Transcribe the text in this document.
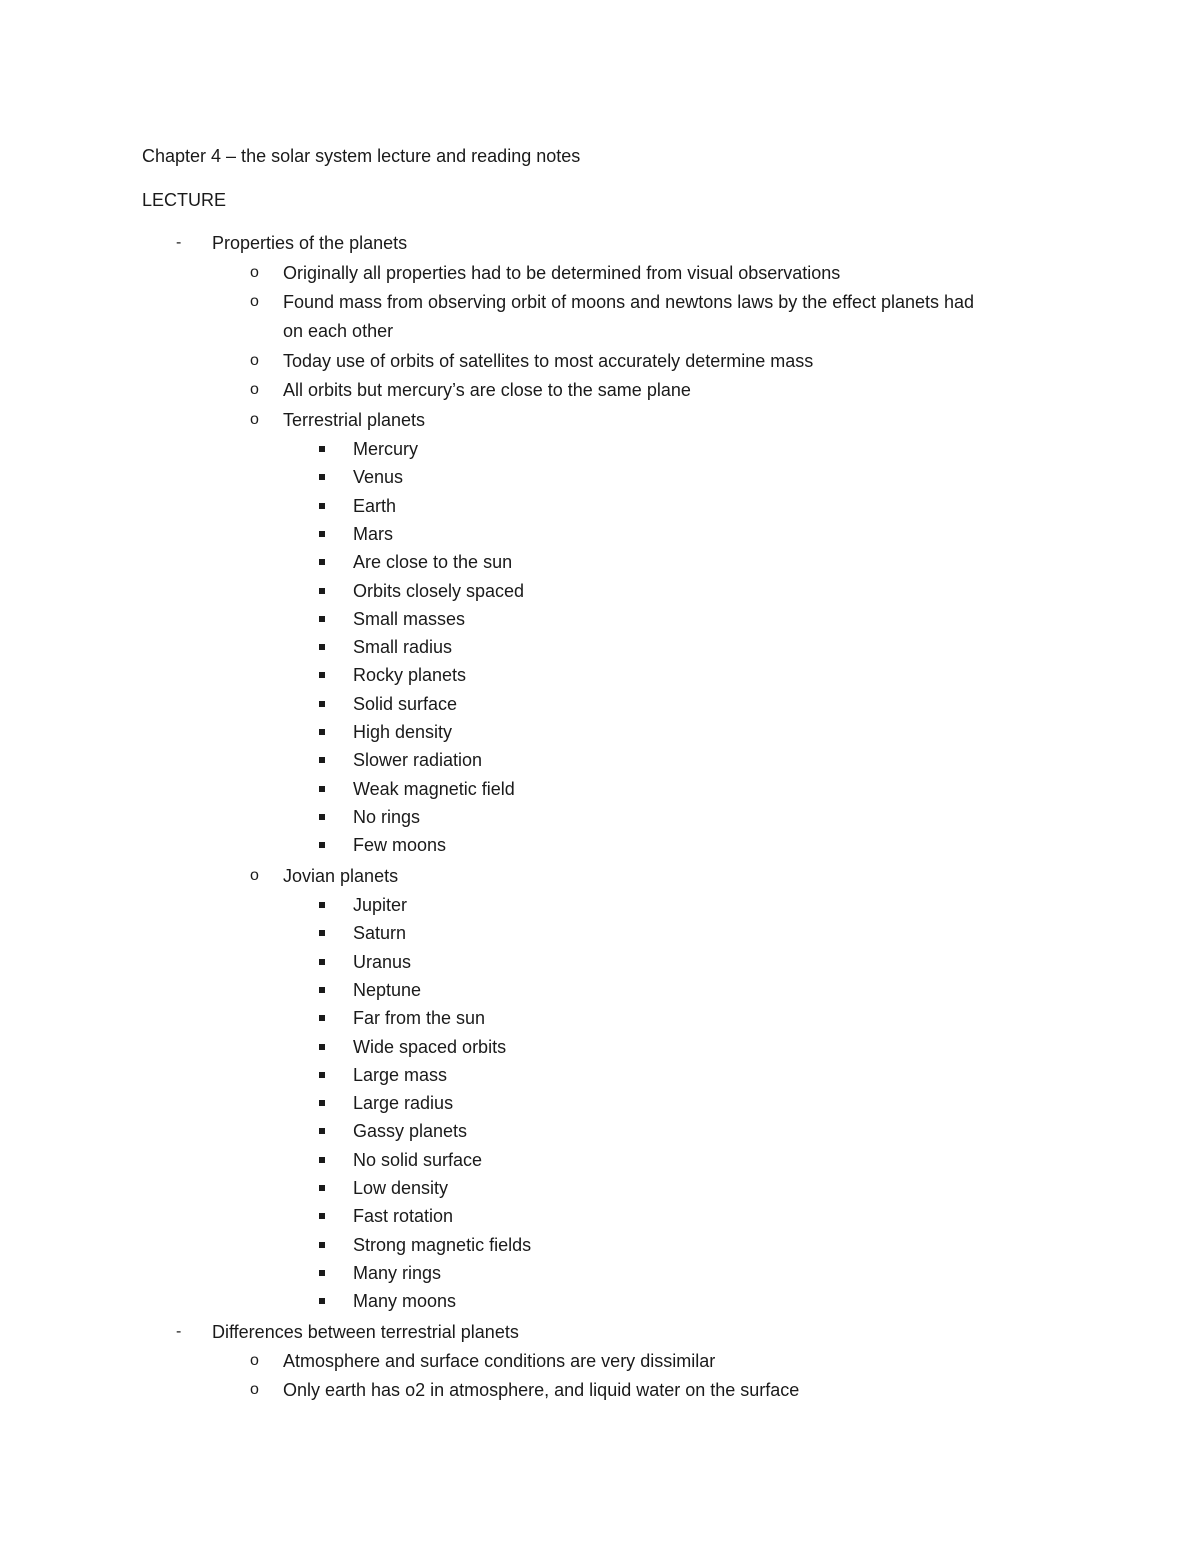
Chapter 4 – the solar system lecture and reading notes
LECTURE
- Properties of the planets
o Originally all properties had to be determined from visual observations
o Found mass from observing orbit of moons and newtons laws by the effect planets had
on each other
o Today use of orbits of satellites to most accurately determine mass
o All orbits but mercury’s are close to the same plane
o Terrestrial planets
Mercury
Venus
Earth
Mars
Are close to the sun
Orbits closely spaced
Small masses
Small radius
Rocky planets
Solid surface
High density
Slower radiation
Weak magnetic field
No rings
Few moons
o Jovian planets
Jupiter
Saturn
Uranus
Neptune
Far from the sun
Wide spaced orbits
Large mass
Large radius
Gassy planets
No solid surface
Low density
Fast rotation
Strong magnetic fields
Many rings
Many moons
- Differences between terrestrial planets
o Atmosphere and surface conditions are very dissimilar
o Only earth has o2 in atmosphere, and liquid water on the surface
